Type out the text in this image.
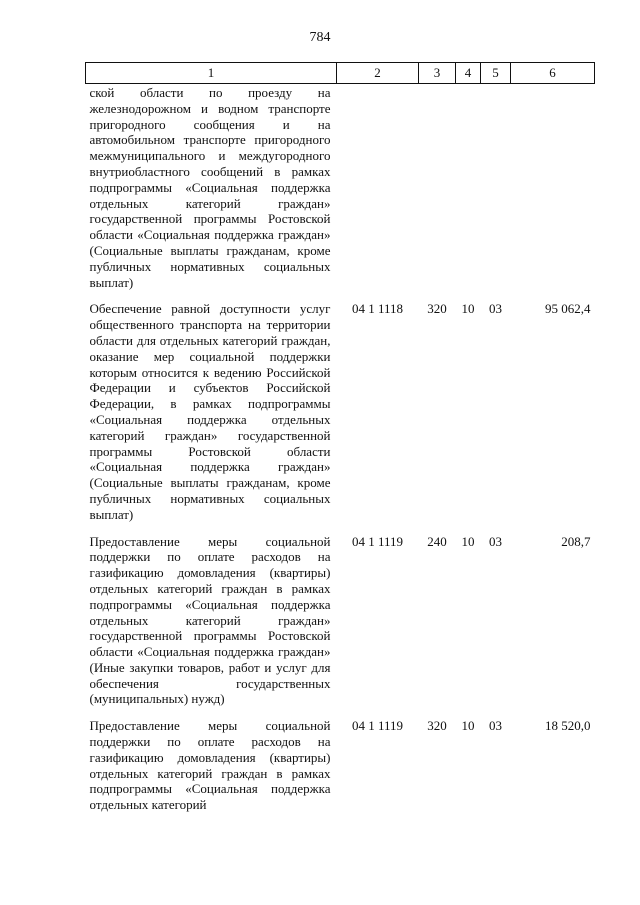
784
1	2	3	4	5	6
ской области по проезду на железнодорожном и водном транспорте пригородного сообщения и на автомобильном транспорте пригородного межмуниципального и междугородного внутриобластного сообщений в рамках подпрограммы «Социальная поддержка отдельных категорий граждан» государственной программы Ростовской области «Социальная поддержка граждан» (Социальные выплаты гражданам, кроме публичных нормативных социальных выплат)					
Обеспечение равной доступности услуг общественного транспорта на территории области для отдельных категорий граждан, оказание мер социальной поддержки которым относится к ведению Российской Федерации и субъектов Российской Федерации, в рамках подпрограммы «Социальная поддержка отдельных категорий граждан» государственной программы Ростовской области «Социальная поддержка граждан» (Социальные выплаты гражданам, кроме публичных нормативных социальных выплат)	04 1 1118	320	10	03	95 062,4
Предоставление меры социальной поддержки по оплате расходов на газификацию домовладения (квартиры) отдельных категорий граждан в рамках подпрограммы «Социальная поддержка отдельных категорий граждан» государственной программы Ростовской области «Социальная поддержка граждан» (Иные закупки товаров, работ и услуг для обеспечения государственных (муниципальных) нужд)	04 1 1119	240	10	03	208,7
Предоставление меры социальной поддержки по оплате расходов на газификацию домовладения (квартиры) отдельных категорий граждан в рамках подпрограммы «Социальная поддержка отдельных категорий	04 1 1119	320	10	03	18 520,0
